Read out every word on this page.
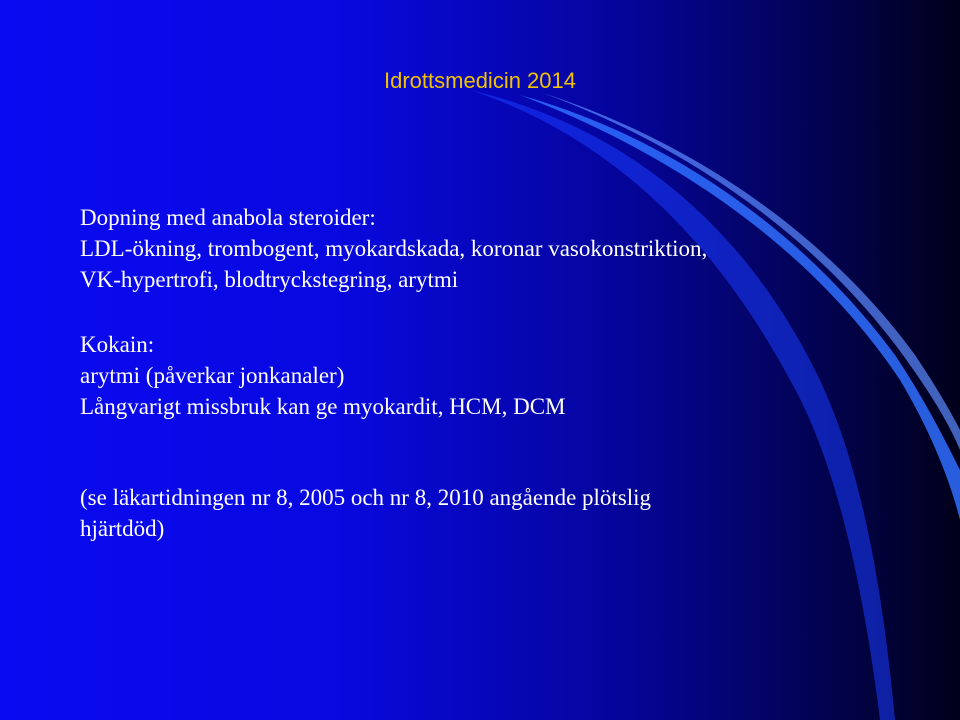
Idrottsmedicin 2014
Dopning med anabola steroider:
LDL-ökning, trombogent, myokardskada, koronar vasokonstriktion,
VK-hypertrofi, blodtryckstegring, arytmi
Kokain:
arytmi (påverkar jonkanaler)
Långvarigt missbruk kan ge myokardit, HCM, DCM
(se läkartidningen nr 8, 2005 och nr 8, 2010 angående plötslig
hjärtdöd)
